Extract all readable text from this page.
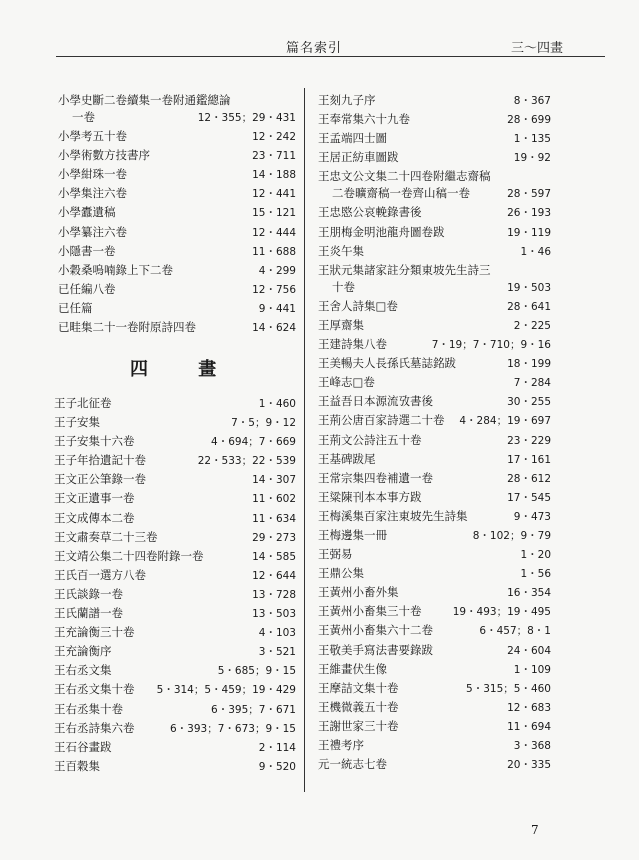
篇名索引	三～四畫
小學史斷二卷續集一卷附通鑑總論
一卷	12・355；29・431
小學考五十卷	12・242
小學術數方技書序	23・711
小學紺珠一卷	14・188
小學集注六卷	12・441
小學蠹遺稿	15・121
小學纂注六卷	12・444
小隱書一卷	11・688
小穀桑嗚喃錄上下二卷	4・299
已任編八卷	12・756
已任篇	9・441
已畦集二十一卷附原詩四卷	14・624
四 畫
王子北征卷	1・460
王子安集	7・5；9・12
王子安集十六卷	4・694；7・669
王子年拾遺記十卷	22・533；22・539
王文正公筆錄一卷	14・307
王文正遺事一卷	11・602
王文成傳本二卷	11・634
王文肅奏草二十三卷	29・273
王文靖公集二十四卷附錄一卷	14・585
王氏百一選方八卷	12・644
王氏談錄一卷	13・728
王氏蘭譜一卷	13・503
王充論衡三十卷	4・103
王充論衡序	3・521
王右丞文集	5・685；9・15
王右丞文集十卷 5・314；5・459；19・429
王右丞集十卷	6・395；7・671
王右丞詩集六卷	6・393；7・673；9・15
王石谷畫跋	2・114
王百穀集	9・520
王刻九子序	8・367
王奉常集六十九卷	28・699
王孟端四士圖	1・135
王居正紡車圖跋	19・92
王忠文公文集二十四卷附繼志齋稿
二卷曠齋稿一卷齊山稿一卷	28・597
王忠愍公哀輓錄書後	26・193
王朋梅金明池龍舟圖卷跋	19・119
王炎午集	1・46
王狀元集諸家註分類東坡先生詩三
十卷	19・503
王舍人詩集□卷	28・641
王厚齋集	2・225
王建詩集八卷	7・19；7・710；9・16
王美暢夫人長孫氏墓誌銘跋	18・199
王峰志□卷	7・284
王益吾日本源流攷書後	30・255
王荊公唐百家詩選二十卷 4・284；19・697
王荊文公詩注五十卷	23・229
王基碑跋尾	17・161
王常宗集四卷補遺一卷	28・612
王粱陳刊本本事方跋	17・545
王梅溪集百家注東坡先生詩集	9・473
王梅邊集一冊	8・102；9・79
王弼易	1・20
王鼎公集	1・56
王黃州小畜外集	16・354
王黃州小畜集三十卷	19・493；19・495
王黃州小畜集六十二卷	6・457；8・1
王敬美手寫法書要錄跋	24・604
王維畫伏生像	1・109
王摩詰文集十卷	5・315；5・460
王機微義五十卷	12・683
王謝世家三十卷	11・694
王禮考序	3・368
元一統志七卷	20・335
7
